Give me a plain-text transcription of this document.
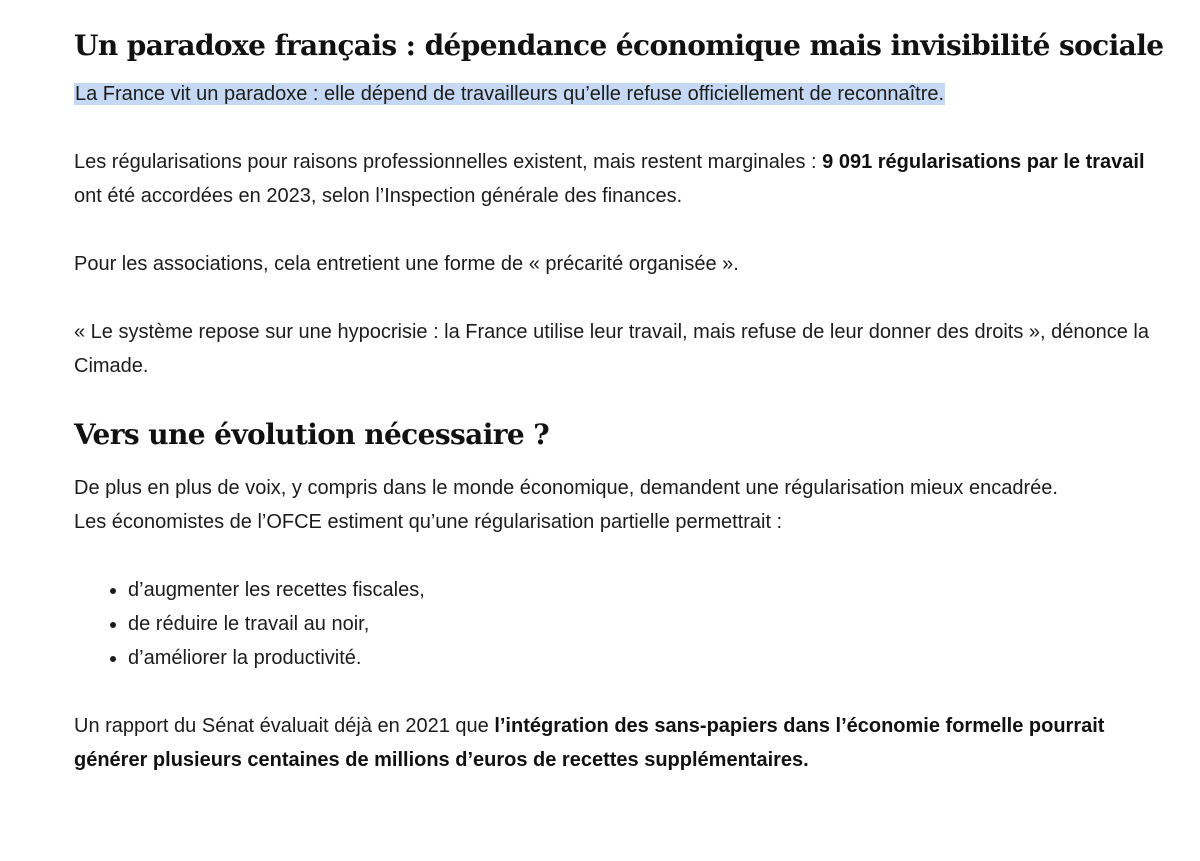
Un paradoxe français : dépendance économique mais invisibilité sociale

La France vit un paradoxe : elle dépend de travailleurs qu’elle refuse officiellement de reconnaître.

Les régularisations pour raisons professionnelles existent, mais restent marginales : 9 091 régularisations par le travail ont été accordées en 2023, selon l’Inspection générale des finances.

Pour les associations, cela entretient une forme de « précarité organisée ».

« Le système repose sur une hypocrisie : la France utilise leur travail, mais refuse de leur donner des droits », dénonce la Cimade.

Vers une évolution nécessaire ?

De plus en plus de voix, y compris dans le monde économique, demandent une régularisation mieux encadrée.

Les économistes de l’OFCE estiment qu’une régularisation partielle permettrait :

• d’augmenter les recettes fiscales,
• de réduire le travail au noir,
• d’améliorer la productivité.

Un rapport du Sénat évaluait déjà en 2021 que l’intégration des sans-papiers dans l’économie formelle pourrait générer plusieurs centaines de millions d’euros de recettes supplémentaires.
